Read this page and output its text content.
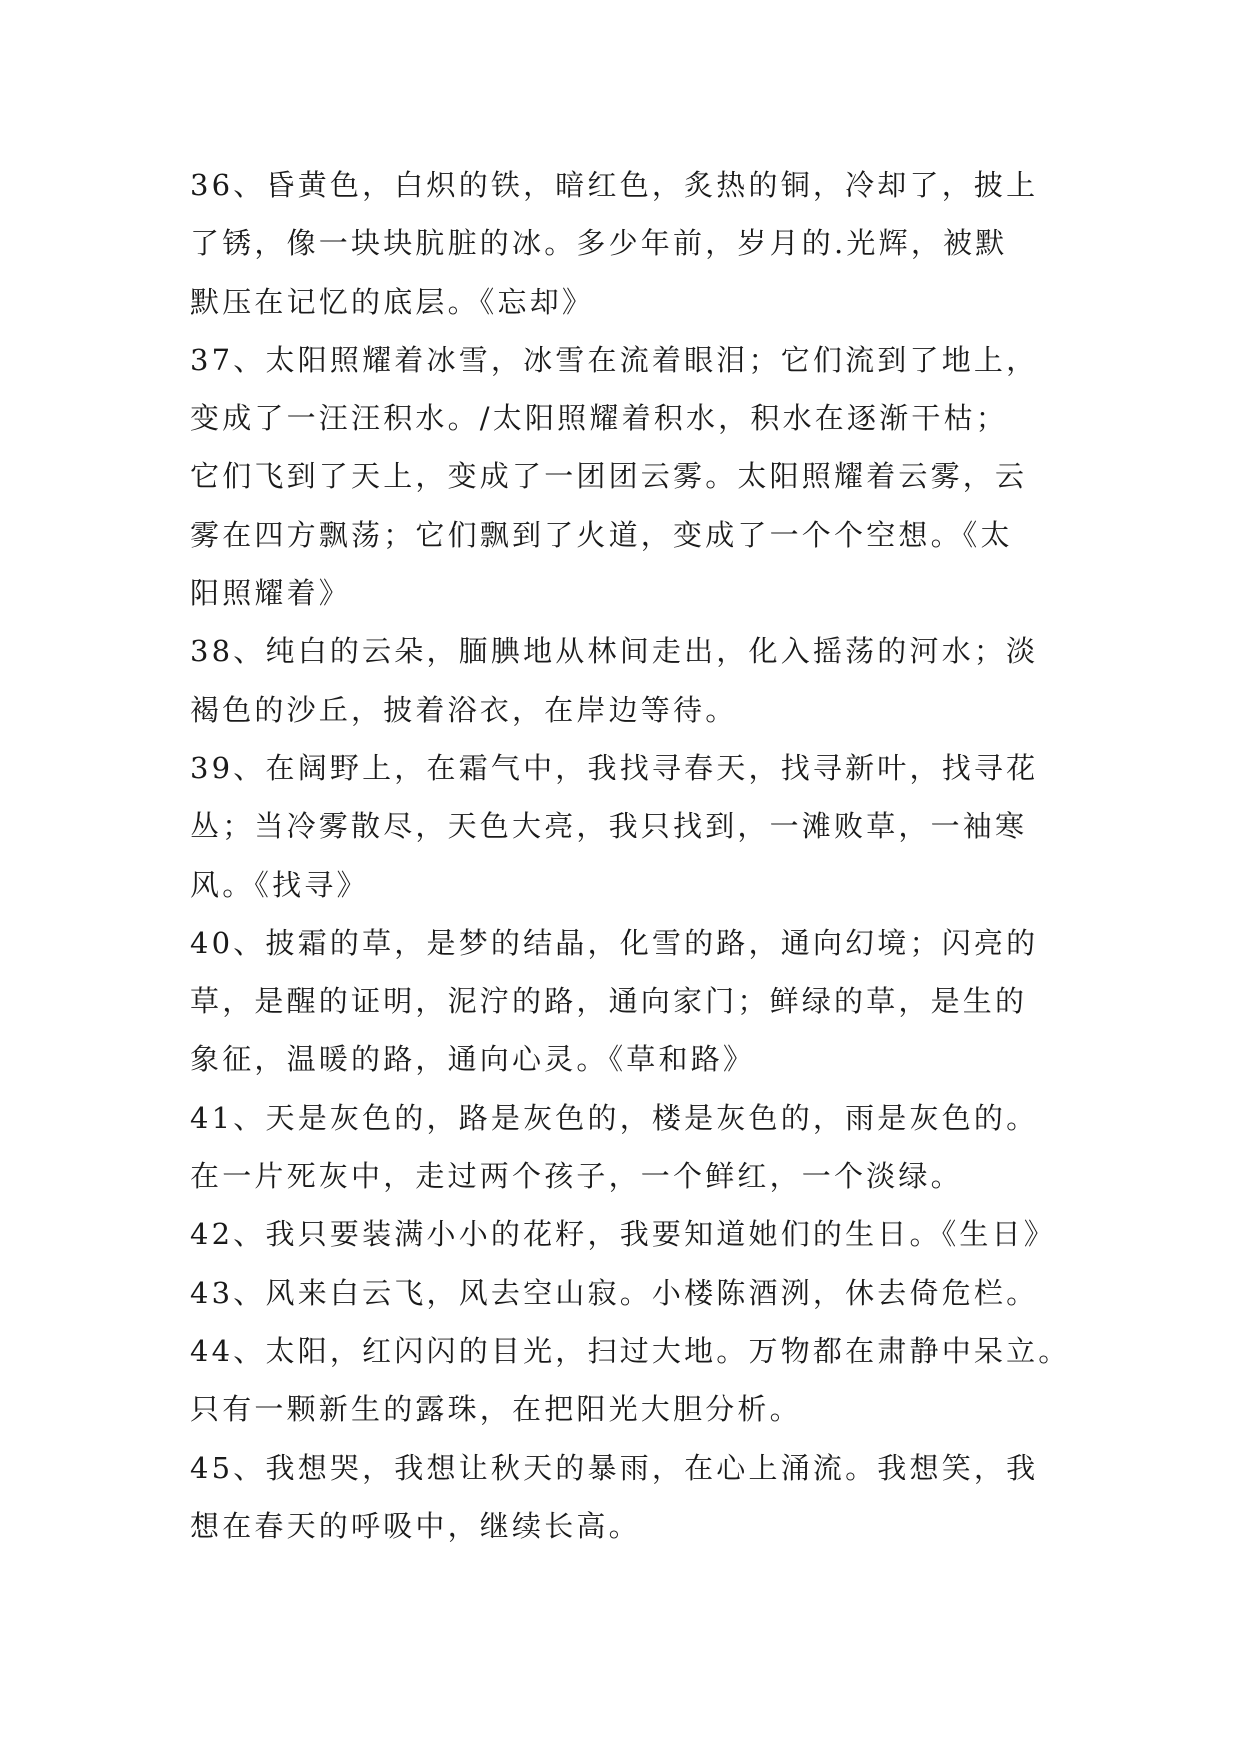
36、昏黄色，白炽的铁，暗红色，炙热的铜，冷却了，披上
了锈，像一块块肮脏的冰。多少年前，岁月的.光辉，被默
默压在记忆的底层。《忘却》
37、太阳照耀着冰雪，冰雪在流着眼泪；它们流到了地上，
变成了一汪汪积水。/太阳照耀着积水，积水在逐渐干枯；
它们飞到了天上，变成了一团团云雾。太阳照耀着云雾，云
雾在四方飘荡；它们飘到了火道，变成了一个个空想。《太
阳照耀着》
38、纯白的云朵，腼腆地从林间走出，化入摇荡的河水；淡
褐色的沙丘，披着浴衣，在岸边等待。
39、在阔野上，在霜气中，我找寻春天，找寻新叶，找寻花
丛；当冷雾散尽，天色大亮，我只找到，一滩败草，一袖寒
风。《找寻》
40、披霜的草，是梦的结晶，化雪的路，通向幻境；闪亮的
草，是醒的证明，泥泞的路，通向家门；鲜绿的草，是生的
象征，温暖的路，通向心灵。《草和路》
41、天是灰色的，路是灰色的，楼是灰色的，雨是灰色的。
在一片死灰中，走过两个孩子，一个鲜红，一个淡绿。
42、我只要装满小小的花籽，我要知道她们的生日。《生日》
43、风来白云飞，风去空山寂。小楼陈酒洌，休去倚危栏。
44、太阳，红闪闪的目光，扫过大地。万物都在肃静中呆立。
只有一颗新生的露珠，在把阳光大胆分析。
45、我想哭，我想让秋天的暴雨，在心上涌流。我想笑，我
想在春天的呼吸中，继续长高。
